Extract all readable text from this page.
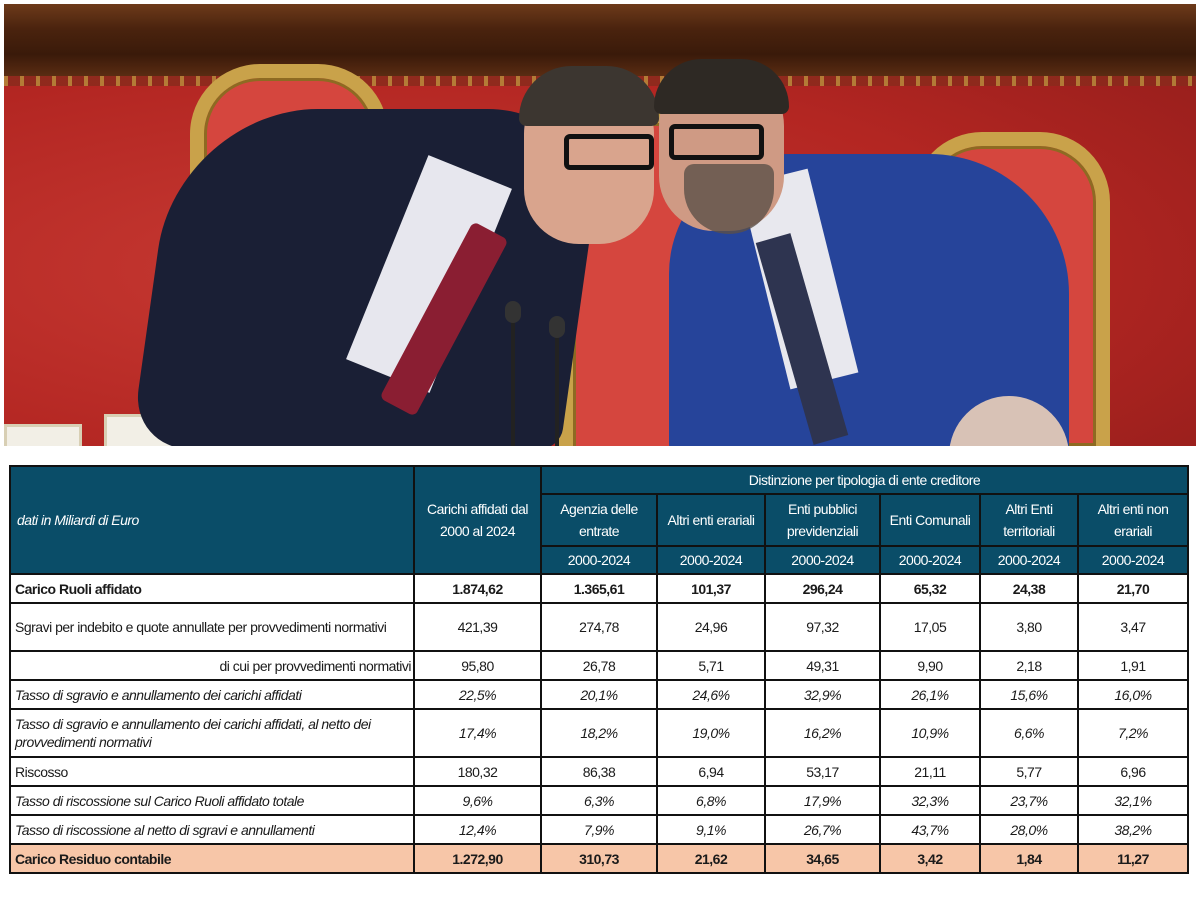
dati in Miliardi di Euro	Carichi affidati dal 2000 al 2024	Distinzione per tipologia di ente creditore					
		Agenzia delle entrate	Altri enti erariali	Enti pubblici previdenziali	Enti Comunali	Altri Enti territoriali	Altri enti non erariali
		2000-2024	2000-2024	2000-2024	2000-2024	2000-2024	2000-2024
Carico Ruoli affidato	1.874,62	1.365,61	101,37	296,24	65,32	24,38	21,70
Sgravi per indebito e quote annullate per provvedimenti normativi	421,39	274,78	24,96	97,32	17,05	3,80	3,47
di cui per provvedimenti normativi	95,80	26,78	5,71	49,31	9,90	2,18	1,91
Tasso di sgravio e annullamento dei carichi affidati	22,5%	20,1%	24,6%	32,9%	26,1%	15,6%	16,0%
Tasso di sgravio e annullamento dei carichi affidati, al netto dei provvedimenti normativi	17,4%	18,2%	19,0%	16,2%	10,9%	6,6%	7,2%
Riscosso	180,32	86,38	6,94	53,17	21,11	5,77	6,96
Tasso di riscossione sul Carico Ruoli affidato totale	9,6%	6,3%	6,8%	17,9%	32,3%	23,7%	32,1%
Tasso di riscossione al netto di sgravi e annullamenti	12,4%	7,9%	9,1%	26,7%	43,7%	28,0%	38,2%
Carico Residuo contabile	1.272,90	310,73	21,62	34,65	3,42	1,84	11,27
